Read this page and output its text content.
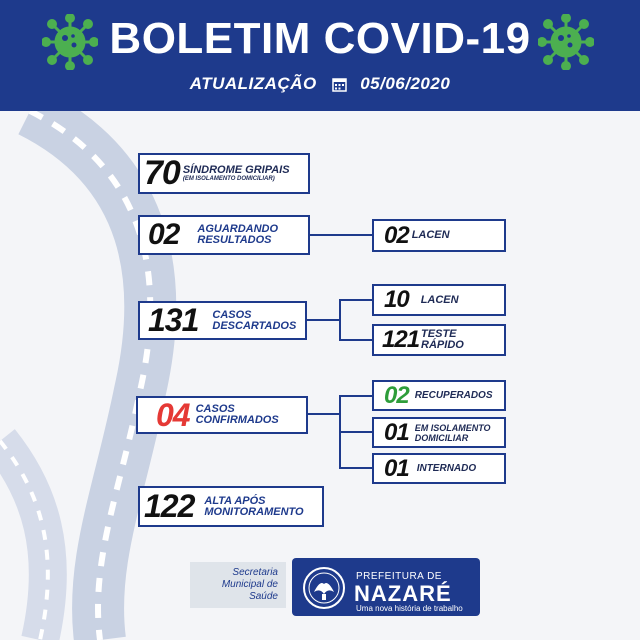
BOLETIM COVID-19
ATUALIZAÇÃO	05/06/2020
70 SÍNDROME GRIPAIS
(EM ISOLAMENTO DOMICILIAR)
02 AGUARDANDO
RESULTADOS	02 LACEN
131 CASOS
DESCARTADOS
10 LACEN
121 TESTE
RÁPIDO
04 CASOS
CONFIRMADOS
02 RECUPERADOS
01 EM ISOLAMENTO
DOMICILIAR
01 INTERNADO
122 ALTA APÓS
MONITORAMENTO
Secretaria
Municipal de
Saúde
PREFEITURA DE
NAZARÉ
Uma nova história de trabalho
